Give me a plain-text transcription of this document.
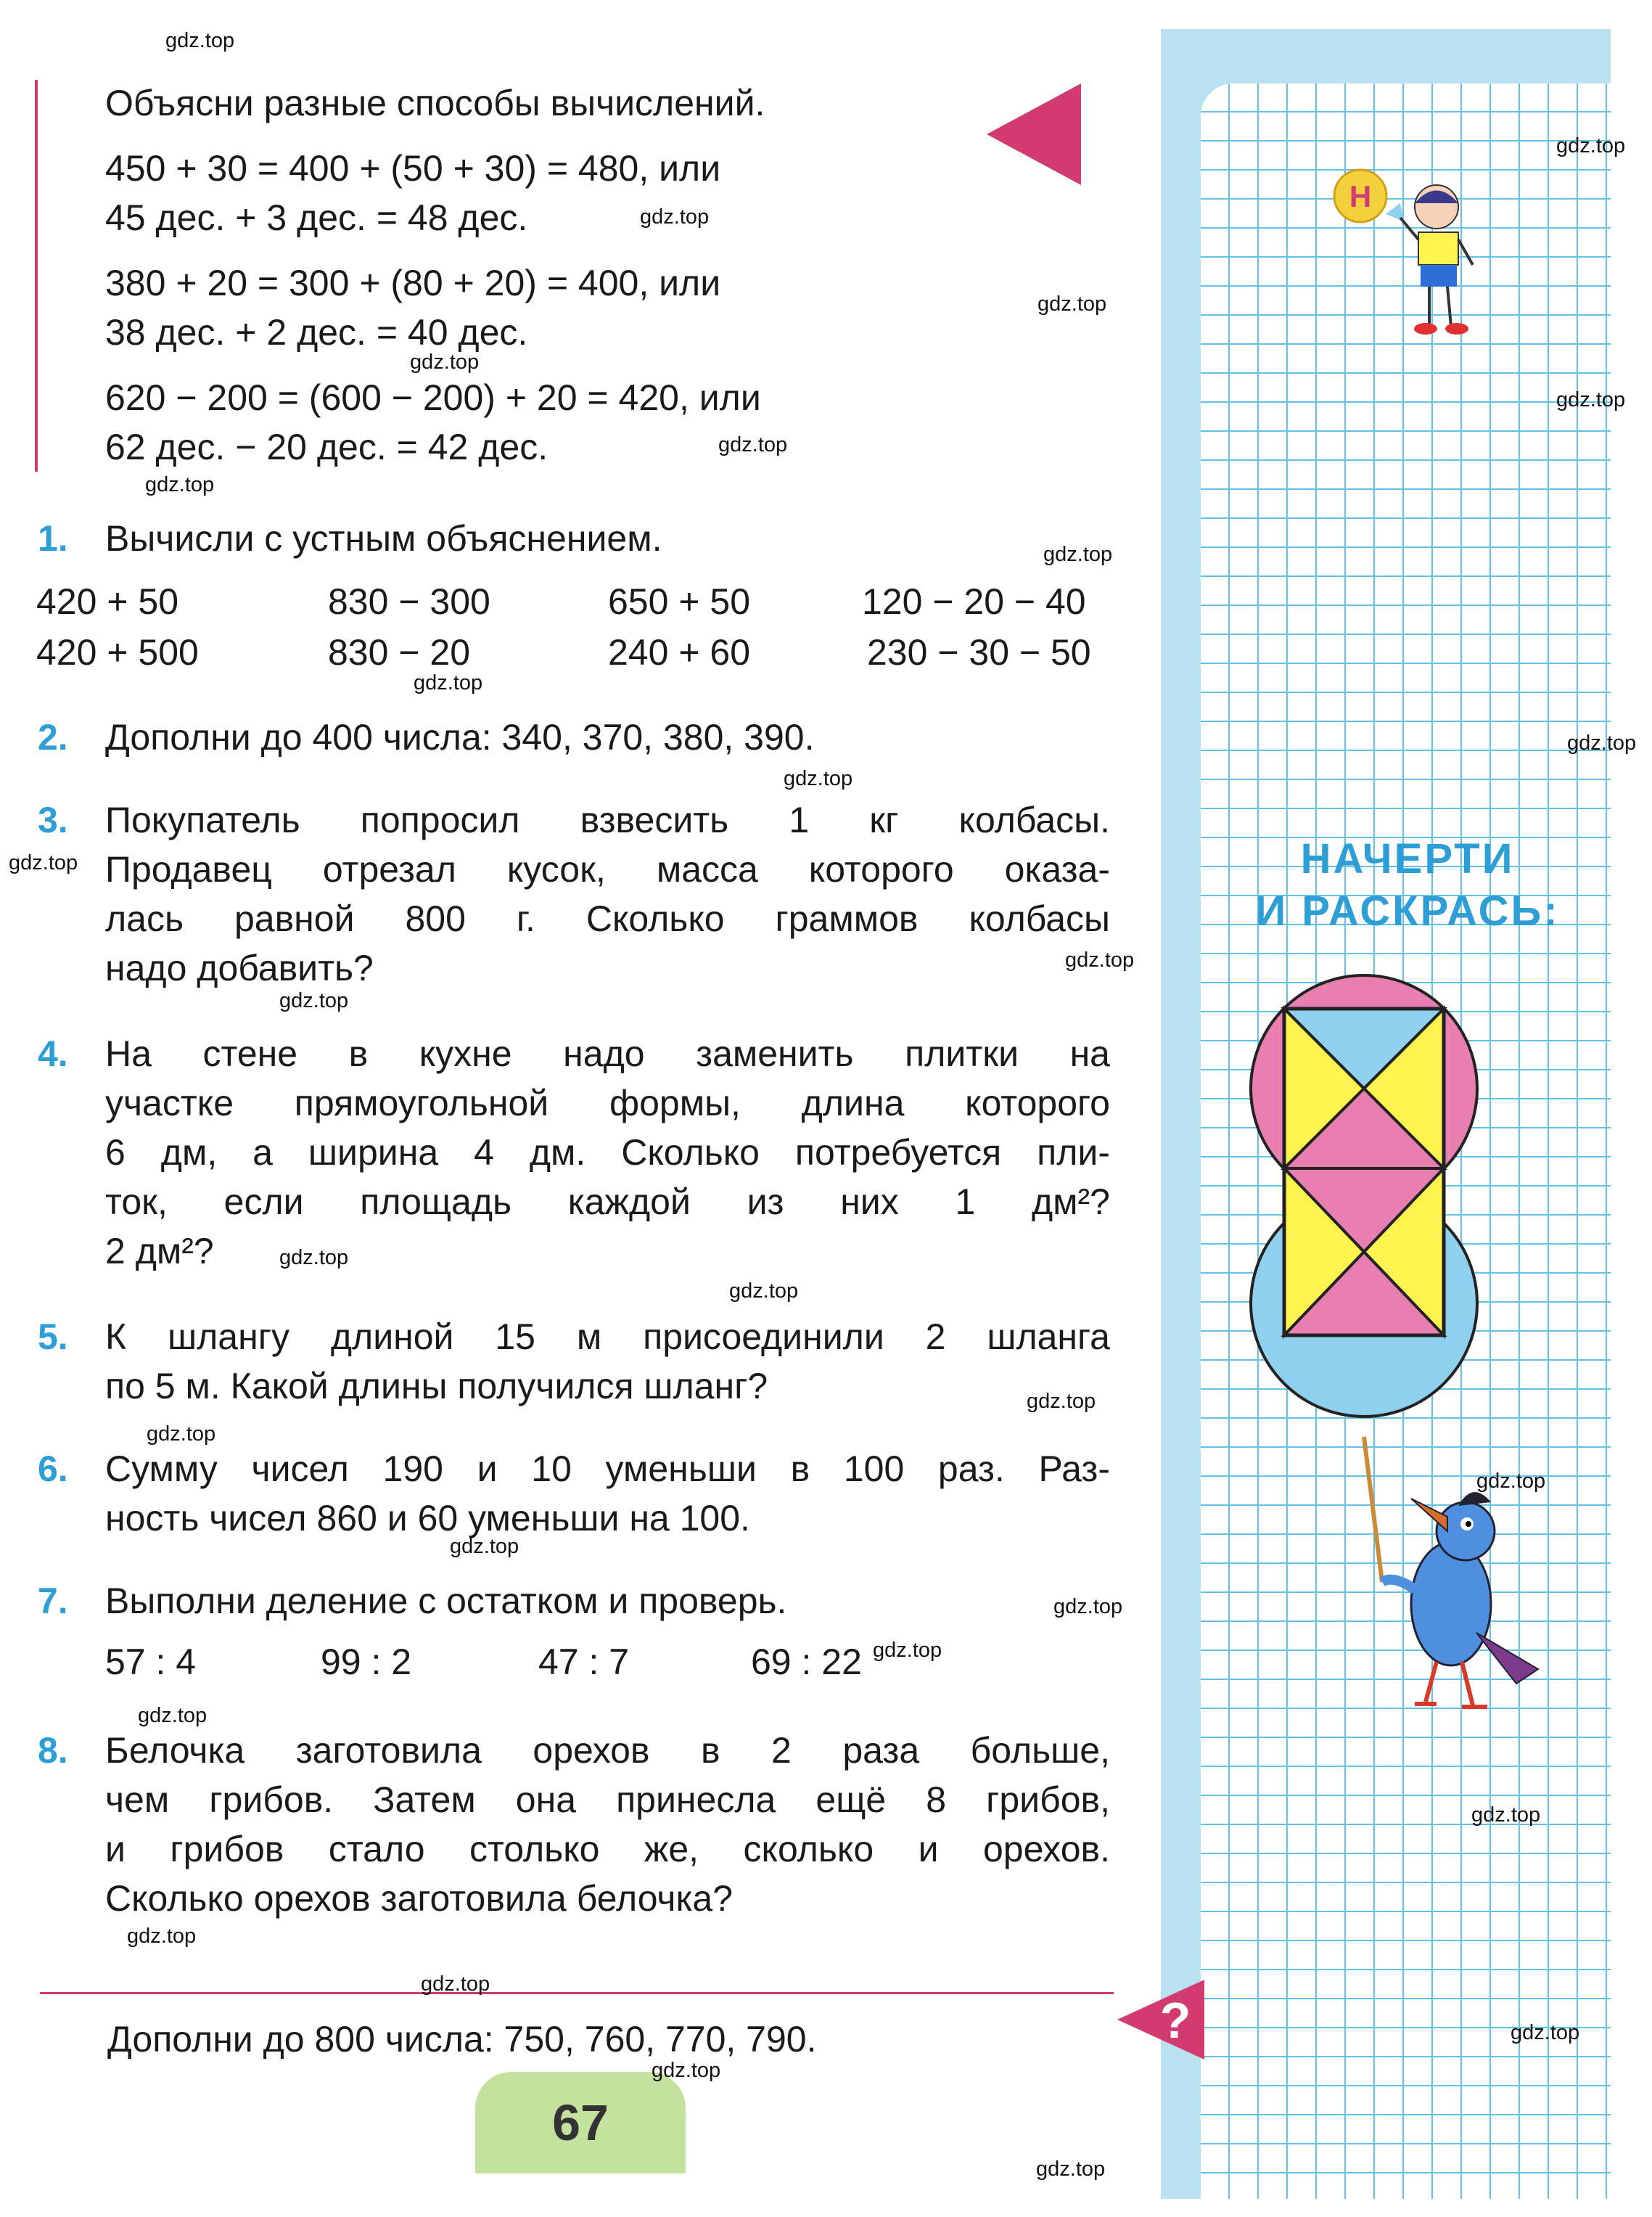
Объясни разные способы вычислений.
450 + 30 = 400 + (50 + 30) = 480, или
45 дес. + 3 дес. = 48 дес.
380 + 20 = 300 + (80 + 20) = 400, или
38 дес. + 2 дес. = 40 дес.
620 − 200 = (600 − 200) + 20 = 420, или
62 дес. − 20 дес. = 42 дес.
1. Вычисли с устным объяснением.
420 + 50	830 − 300	650 + 50	120 − 20 − 40
420 + 500	830 − 20	240 + 60	230 − 30 − 50
2. Дополни до 400 числа: 340, 370, 380, 390.
3. Покупатель попросил взвесить 1 кг колбасы.
Продавец отрезал кусок, масса которого оказа-
лась равной 800 г. Сколько граммов колбасы
надо добавить?
4. На стене в кухне надо заменить плитки на
участке прямоугольной формы, длина которого
6 дм, а ширина 4 дм. Сколько потребуется пли-
ток, если площадь каждой из них 1 дм²?
2 дм²?
5. К шлангу длиной 15 м присоединили 2 шланга
по 5 м. Какой длины получился шланг?
6. Сумму чисел 190 и 10 уменьши в 100 раз. Раз-
ность чисел 860 и 60 уменьши на 100.
7. Выполни деление с остатком и проверь.
57 : 4	99 : 2	47 : 7	69 : 22
8. Белочка заготовила орехов в 2 раза больше,
чем грибов. Затем она принесла ещё 8 грибов,
и грибов стало столько же, сколько и орехов.
Сколько орехов заготовила белочка?
Дополни до 800 числа: 750, 760, 770, 790.
67
Н
НАЧЕРТИ
И РАСКРАСЬ:
?
gdz.top
gdz.top
gdz.top
gdz.top
gdz.top
gdz.top
gdz.top
gdz.top
gdz.top
gdz.top
gdz.top
gdz.top
gdz.top
gdz.top
gdz.top
gdz.top
gdz.top
gdz.top
gdz.top
gdz.top
gdz.top
gdz.top
gdz.top
gdz.top
gdz.top
gdz.top
gdz.top
gdz.top
gdz.top
gdz.top
